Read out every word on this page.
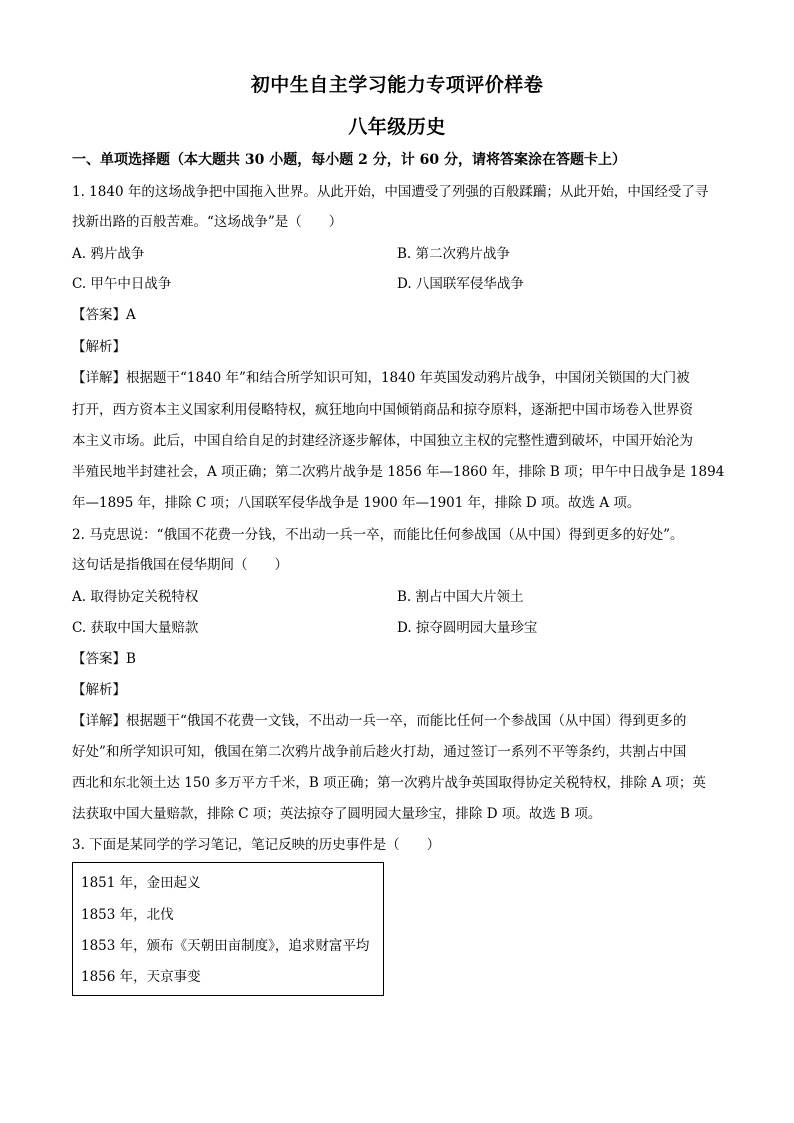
初中生自主学习能力专项评价样卷
八年级历史
一、单项选择题（本大题共 30 小题，每小题 2 分，计 60 分，请将答案涂在答题卡上）
1. 1840 年的这场战争把中国拖入世界。从此开始，中国遭受了列强的百般蹂躏；从此开始，中国经受了寻
找新出路的百般苦难。“这场战争”是（　　）
A. 鸦片战争	B. 第二次鸦片战争
C. 甲午中日战争	D. 八国联军侵华战争
【答案】A
【解析】
【详解】根据题干“1840 年”和结合所学知识可知，1840 年英国发动鸦片战争，中国闭关锁国的大门被
打开，西方资本主义国家利用侵略特权，疯狂地向中国倾销商品和掠夺原料，逐渐把中国市场卷入世界资
本主义市场。此后，中国自给自足的封建经济逐步解体，中国独立主权的完整性遭到破坏，中国开始沦为
半殖民地半封建社会，A 项正确；第二次鸦片战争是 1856 年—1860 年，排除 B 项；甲午中日战争是 1894
年—1895 年，排除 C 项；八国联军侵华战争是 1900 年—1901 年，排除 D 项。故选 A 项。
2. 马克思说：“俄国不花费一分钱，不出动一兵一卒，而能比任何参战国（从中国）得到更多的好处”。
这句话是指俄国在侵华期间（　　）
A. 取得协定关税特权	B. 割占中国大片领土
C. 获取中国大量赔款	D. 掠夺圆明园大量珍宝
【答案】B
【解析】
【详解】根据题干“俄国不花费一文钱，不出动一兵一卒，而能比任何一个参战国（从中国）得到更多的
好处”和所学知识可知，俄国在第二次鸦片战争前后趁火打劫，通过签订一系列不平等条约，共割占中国
西北和东北领土达 150 多万平方千米，B 项正确；第一次鸦片战争英国取得协定关税特权，排除 A 项；英
法获取中国大量赔款，排除 C 项；英法掠夺了圆明园大量珍宝，排除 D 项。故选 B 项。
3. 下面是某同学的学习笔记，笔记反映的历史事件是（　　）
1851 年，金田起义
1853 年，北伐
1853 年，颁布《天朝田亩制度》，追求财富平均
1856 年，天京事变
